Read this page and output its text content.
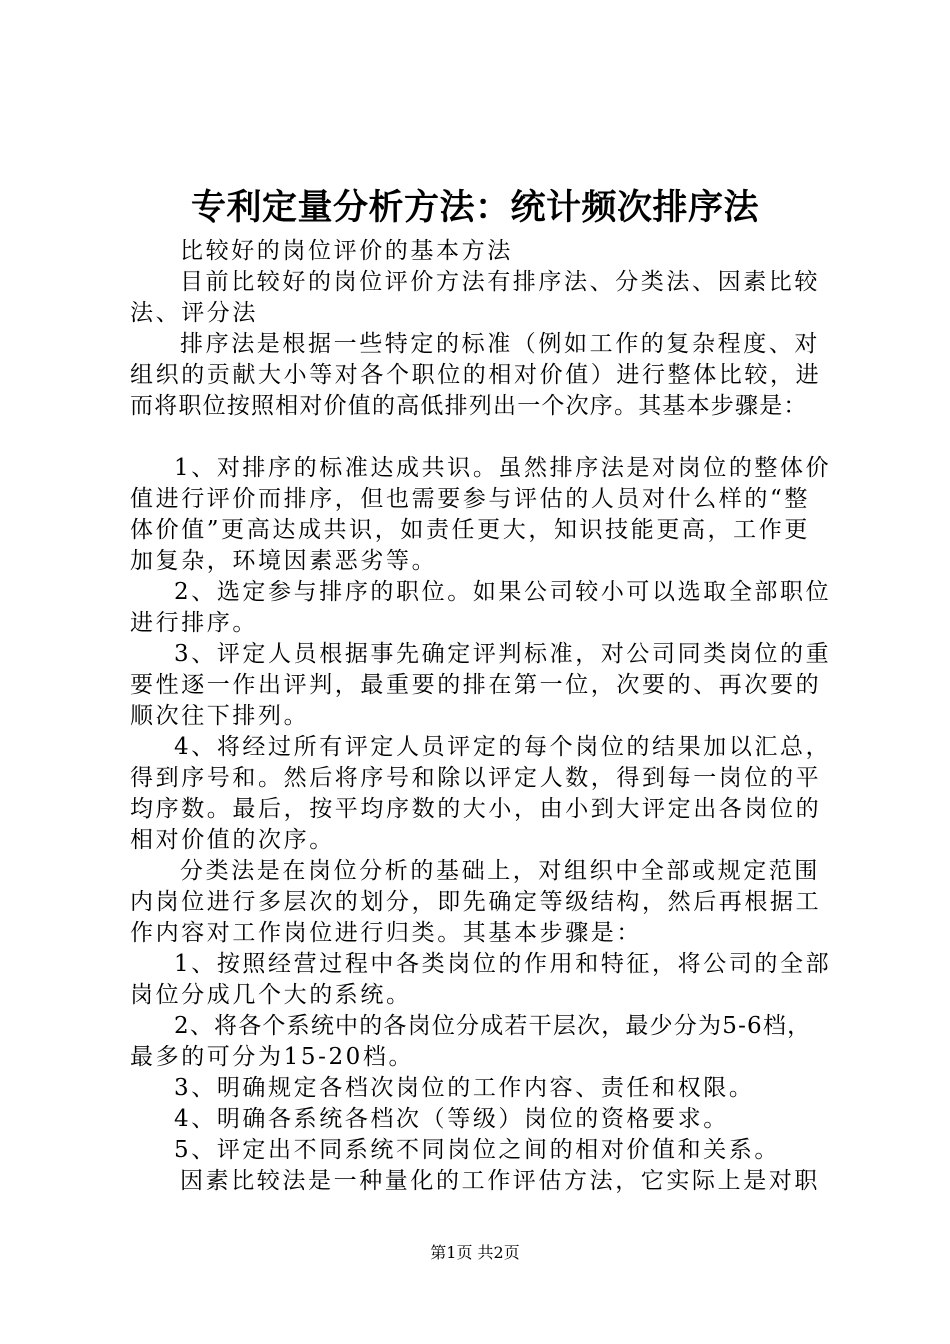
专利定量分析方法：统计频次排序法
比较好的岗位评价的基本方法
目前比较好的岗位评价方法有排序法、分类法、因素比较
法、评分法
排序法是根据一些特定的标准（例如工作的复杂程度、对
组织的贡献大小等对各个职位的相对价值）进行整体比较，进
而将职位按照相对价值的高低排列出一个次序。其基本步骤是：
1、对排序的标准达成共识。虽然排序法是对岗位的整体价
值进行评价而排序，但也需要参与评估的人员对什么样的“整
体价值”更高达成共识，如责任更大，知识技能更高，工作更
加复杂，环境因素恶劣等。
2、选定参与排序的职位。如果公司较小可以选取全部职位
进行排序。
3、评定人员根据事先确定评判标准，对公司同类岗位的重
要性逐一作出评判，最重要的排在第一位，次要的、再次要的
顺次往下排列。
4、将经过所有评定人员评定的每个岗位的结果加以汇总，
得到序号和。然后将序号和除以评定人数，得到每一岗位的平
均序数。最后，按平均序数的大小，由小到大评定出各岗位的
相对价值的次序。
分类法是在岗位分析的基础上，对组织中全部或规定范围
内岗位进行多层次的划分，即先确定等级结构，然后再根据工
作内容对工作岗位进行归类。其基本步骤是：
1、按照经营过程中各类岗位的作用和特征，将公司的全部
岗位分成几个大的系统。
2、将各个系统中的各岗位分成若干层次，最少分为5-6档，
最多的可分为15-20档。
3、明确规定各档次岗位的工作内容、责任和权限。
4、明确各系统各档次（等级）岗位的资格要求。
5、评定出不同系统不同岗位之间的相对价值和关系。
因素比较法是一种量化的工作评估方法，它实际上是对职
第1页 共2页
